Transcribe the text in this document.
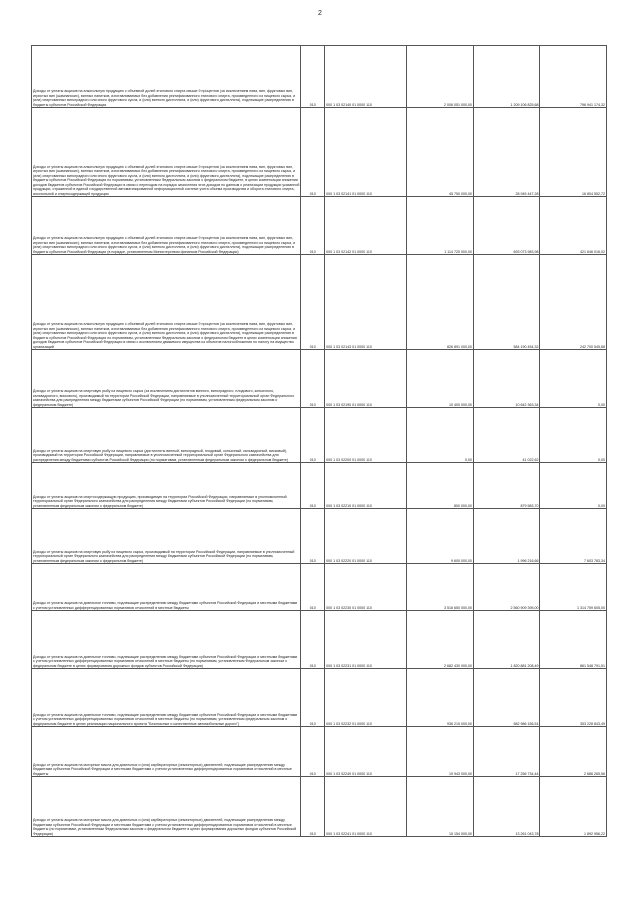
2
Доходы от уплаты акцизов на алкогольную продукцию с объемной долей этилового спирта свыше 9 процентов (за исключением пива, вин, фруктовых вин, игристых вин (шампанских), винных напитков, изготавливаемых без добавления ректификованного этилового спирта, произведенного из пищевого сырья, и (или) спиртованных виноградного или иного фруктового сусла, и (или) винного дистиллята, и (или) фруктового дистиллята), подлежащие распределению в бюджеты субъектов Российской Федерации	010	000 1 03 02140 01 0000 110	2 006 051 000,00	1 209 106 825,68	796 941 174,32
Доходы от уплаты акцизов на алкогольную продукцию с объемной долей этилового спирта свыше 9 процентов (за исключением пива, вин, фруктовых вин, игристых вин (шампанских), винных напитков, изготавливаемых без добавления ректификованного этилового спирта, произведенного из пищевого сырья, и (или) спиртованных виноградного или иного фруктового сусла, и (или) винного дистиллята, и (или) фруктового дистиллята), подлежащие распределению в бюджеты субъектов Российской Федерации по нормативам, установленным Федеральным законом о федеральном бюджете, в целях компенсации снижения доходов бюджетов субъектов Российской Федерации в связи с переходом на порядок зачисления этих доходов по данным о реализации продукции указанной продукции, отраженной в единой государственной автоматизированной информационной системе учета объема производства и оборота этилового спирта, алкогольной и спиртосодержащей продукции	010	000 1 03 02141 01 0000 110	45 750 000,00	28 945 447,28	16 804 552,72
Доходы от уплаты акцизов на алкогольную продукцию с объемной долей этилового спирта свыше 9 процентов (за исключением пива, вин, фруктовых вин, игристых вин (шампанских), винных напитков, изготавливаемых без добавления ректификованного этилового спирта, произведенного из пищевого сырья, и (или) спиртованных виноградного или иного фруктового сусла, и (или) винного дистиллята, и (или) фруктового дистиллята), подлежащие распределению в бюджеты субъектов Российской Федерации (в порядке, установленном Министерством финансов Российской Федерации)	010	000 1 03 02142 01 0000 110	1 114 720 000,00	693 073 983,98	421 646 016,02
Доходы от уплаты акцизов на алкогольную продукцию с объемной долей этилового спирта свыше 9 процентов (за исключением пива, вин, фруктовых вин, игристых вин (шампанских), винных напитков, изготавливаемых без добавления ректификованного этилового спирта, произведенного из пищевого сырья, и (или) спиртованных виноградного или иного фруктового сусла, и (или) винного дистиллята, и (или) фруктового дистиллята), подлежащие распределению в бюджеты субъектов Российской Федерации по нормативам, установленным Федеральным законом о федеральном бюджете в целях компенсации снижения доходов бюджетов субъектов Российской Федерации в связи с исключением движимого имущества из объектов налогообложения по налогу на имущество организаций	010	000 1 03 02143 01 0000 110	826 891 000,00	584 190 454,32	242 700 545,68
Доходы от уплаты акцизов на спиртовую рыбу из пищевого сырья (за исключением дистиллятов винного, виноградного, плодового, коньячного, кальвадосного, вискового), производимый на территории Российской Федерации, направляемые в уполномоченный территориальный орган Федерального казначейства для распределения между бюджетами субъектов Российской Федерации (по нормативам, установленным федеральным законом о федеральном бюджете)	010	000 1 03 02190 01 0000 110	10 400 000,00	10 642 363,34	0,00
Доходы от уплаты акцизов на спиртовую рыбу из пищевого сырья (дистилляты винный, виноградный, плодовый, коньячный, кальвадосный, висковый), производимый на территории Российской Федерации, направляемые в уполномоченный территориальный орган Федерального казначейства для распределения между бюджетами субъектов Российской Федерации (по нормативам, установленным федеральным законом о федеральном бюджете)	010	000 1 03 02200 01 0000 110	0,00	41 022,62	0,00
Доходы от уплаты акцизов на спиртосодержащую продукцию, производимую на территории Российской Федерации, направляемые в уполномоченный территориальный орган Федерального казначейства для распределения между бюджетами субъектов Российской Федерации (по нормативам, установленным федеральным законом о федеральном бюджете)	010	000 1 03 02210 01 0000 110	800 000,00	879 583,70	0,00
Доходы от уплаты акцизов на спиртовую рыбу из пищевого сырья, производимый на территории Российской Федерации, направляемые в уполномоченный территориальный орган Федерального казначейства для распределения между бюджетами субъектов Российской Федерации (по нормативам, установленным федеральным законом о федеральном бюджете)	010	000 1 03 02220 01 0000 110	9 600 000,00	1 996 216,66	7 603 783,34
Доходы от уплаты акцизов на дизельное топливо, подлежащие распределению между бюджетами субъектов Российской Федерации и местными бюджетами с учетом установленных дифференцированных нормативов отчислений в местные бюджеты	010	000 1 03 02230 01 0000 110	3 516 650 000,00	2 560 909 395,00	1 314 759 605,00
Доходы от уплаты акцизов на дизельное топливо, подлежащие распределению между бюджетами субъектов Российской Федерации и местными бюджетами с учетом установленных дифференцированных нормативов отчислений в местные бюджеты (по нормативам, установленным Федеральным законом о федеральном бюджете в целях формирования дорожных фондов субъектов Российской Федерации)	010	000 1 03 02231 01 0000 110	2 682 430 000,00	1 820 881 208,49	861 548 791,51
Доходы от уплаты акцизов на дизельное топливо, подлежащие распределению между бюджетами субъектов Российской Федерации и местными бюджетами с учетом установленных дифференцированных нормативов отчислений в местные бюджеты (по нормативам, установленным федеральным законом о федеральном бюджете в целях реализации национального проекта "Безопасные и качественные автомобильные дороги")	010	000 1 03 02232 01 0000 110	936 215 000,00	582 986 156,51	353 228 843,49
Доходы от уплаты акцизов на моторные масла для дизельных и (или) карбюраторных (инжекторных) двигателей, подлежащие распределению между бюджетами субъектов Российской Федерации и местными бюджетами с учетом установленных дифференцированных нормативов отчислений в местные бюджеты	010	000 1 03 02240 01 0000 110	19 943 000,00	17 256 734,44	2 686 265,56
Доходы от уплаты акцизов на моторные масла для дизельных и (или) карбюраторных (инжекторных) двигателей, подлежащие распределению между бюджетами субъектов Российской Федерации и местными бюджетами с учетом установленных дифференцированных нормативов отчислений в местные бюджеты (по нормативам, установленным Федеральным законом о федеральном бюджете в целях формирования дорожных фондов субъектов Российской Федерации)	010	000 1 03 02241 01 0000 110	15 154 000,00	13 261 043,78	1 892 956,22
